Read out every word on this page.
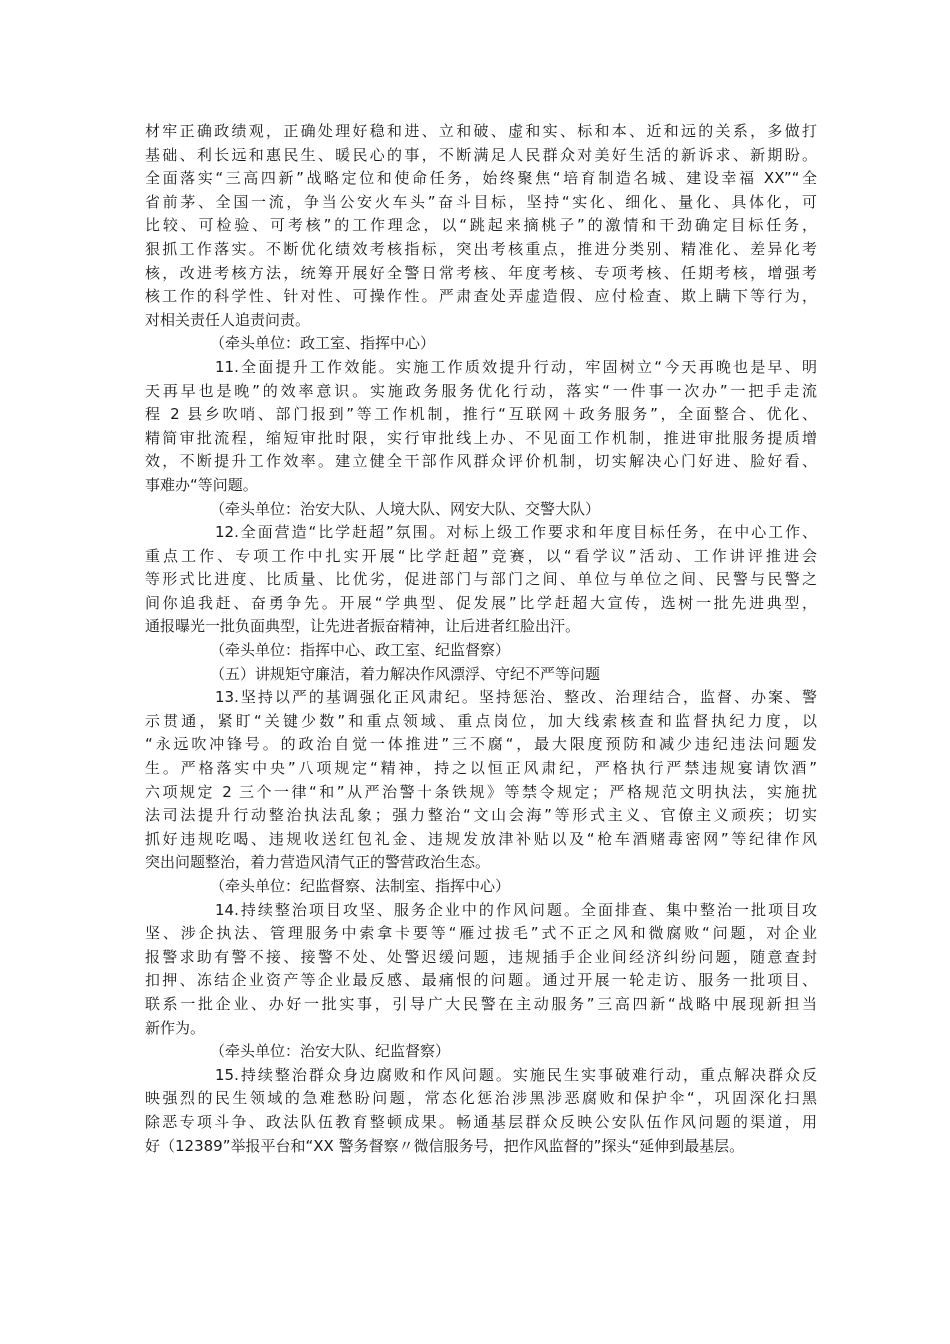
材牢正确政绩观，正确处理好稳和进、立和破、虚和实、标和本、近和远的关系，多做打
基础、利长远和惠民生、暖民心的事，不断满足人民群众对美好生活的新诉求、新期盼。
全面落实“三高四新”战略定位和使命任务，始终聚焦“培育制造名城、建设幸福 XX”“全
省前茅、全国一流，争当公安火车头”奋斗目标，坚持“实化、细化、量化、具体化，可
比较、可检验、可考核”的工作理念，以“跳起来摘桃子”的激情和干劲确定目标任务，
狠抓工作落实。不断优化绩效考核指标，突出考核重点，推进分类别、精准化、差异化考
核，改进考核方法，统筹开展好全警日常考核、年度考核、专项考核、任期考核，增强考
核工作的科学性、针对性、可操作性。严肃查处弄虚造假、应付检查、欺上瞒下等行为，
对相关责任人追责问责。
（牵头单位：政工室、指挥中心）
11.全面提升工作效能。实施工作质效提升行动，牢固树立“今天再晚也是早、明
天再早也是晚”的效率意识。实施政务服务优化行动，落实“一件事一次办”一把手走流
程 2 县乡吹哨、部门报到”等工作机制，推行“互联网＋政务服务”，全面整合、优化、
精简审批流程，缩短审批时限，实行审批线上办、不见面工作机制，推进审批服务提质增
效，不断提升工作效率。建立健全干部作风群众评价机制，切实解决心门好进、脸好看、
事难办“等问题。
（牵头单位：治安大队、人境大队、网安大队、交警大队）
12.全面营造“比学赶超”氛围。对标上级工作要求和年度目标任务，在中心工作、
重点工作、专项工作中扎实开展“比学赶超”竞赛，以“看学议”活动、工作讲评推进会
等形式比进度、比质量、比优劣，促进部门与部门之间、单位与单位之间、民警与民警之
间你追我赶、奋勇争先。开展“学典型、促发展”比学赶超大宣传，选树一批先进典型，
通报曝光一批负面典型，让先进者振奋精神，让后进者红脸出汗。
（牵头单位：指挥中心、政工室、纪监督察）
（五）讲规矩守廉洁，着力解决作风漂浮、守纪不严等问题
13.坚持以严的基调强化正风肃纪。坚持惩治、整改、治理结合，监督、办案、警
示贯通，紧盯“关键少数”和重点领域、重点岗位，加大线索核查和监督执纪力度，以
“永远吹冲锋号。的政治自觉一体推进”三不腐“，最大限度预防和减少违纪违法问题发
生。严格落实中央”八项规定“精神，持之以恒正风肃纪，严格执行严禁违规宴请饮酒”
六项规定 2 三个一律“和”从严治警十条铁规》等禁令规定；严格规范文明执法，实施扰
法司法提升行动整治执法乱象；强力整治“文山会海”等形式主义、官僚主义顽疾；切实
抓好违规吃喝、违规收送红包礼金、违规发放津补贴以及“枪车酒赌毒密网”等纪律作风
突出问题整治，着力营造风清气正的警营政治生态。
（牵头单位：纪监督察、法制室、指挥中心）
14.持续整治项目攻坚、服务企业中的作风问题。全面排查、集中整治一批项目攻
坚、涉企执法、管理服务中索拿卡要等“雁过拔毛”式不正之风和微腐败“问题，对企业
报警求助有警不接、接警不处、处警迟缓问题，违规插手企业间经济纠纷问题，随意查封
扣押、冻结企业资产等企业最反感、最痛恨的问题。通过开展一轮走访、服务一批项目、
联系一批企业、办好一批实事，引导广大民警在主动服务”三高四新“战略中展现新担当
新作为。
（牵头单位：治安大队、纪监督察）
15.持续整治群众身边腐败和作风问题。实施民生实事破难行动，重点解决群众反
映强烈的民生领域的急难愁盼问题，常态化惩治涉黑涉恶腐败和保护伞“，巩固深化扫黑
除恶专项斗争、政法队伍教育整顿成果。畅通基层群众反映公安队伍作风问题的渠道，用
好（12389”举报平台和“XX 警务督察〃微信服务号，把作风监督的”探头“延伸到最基层。
